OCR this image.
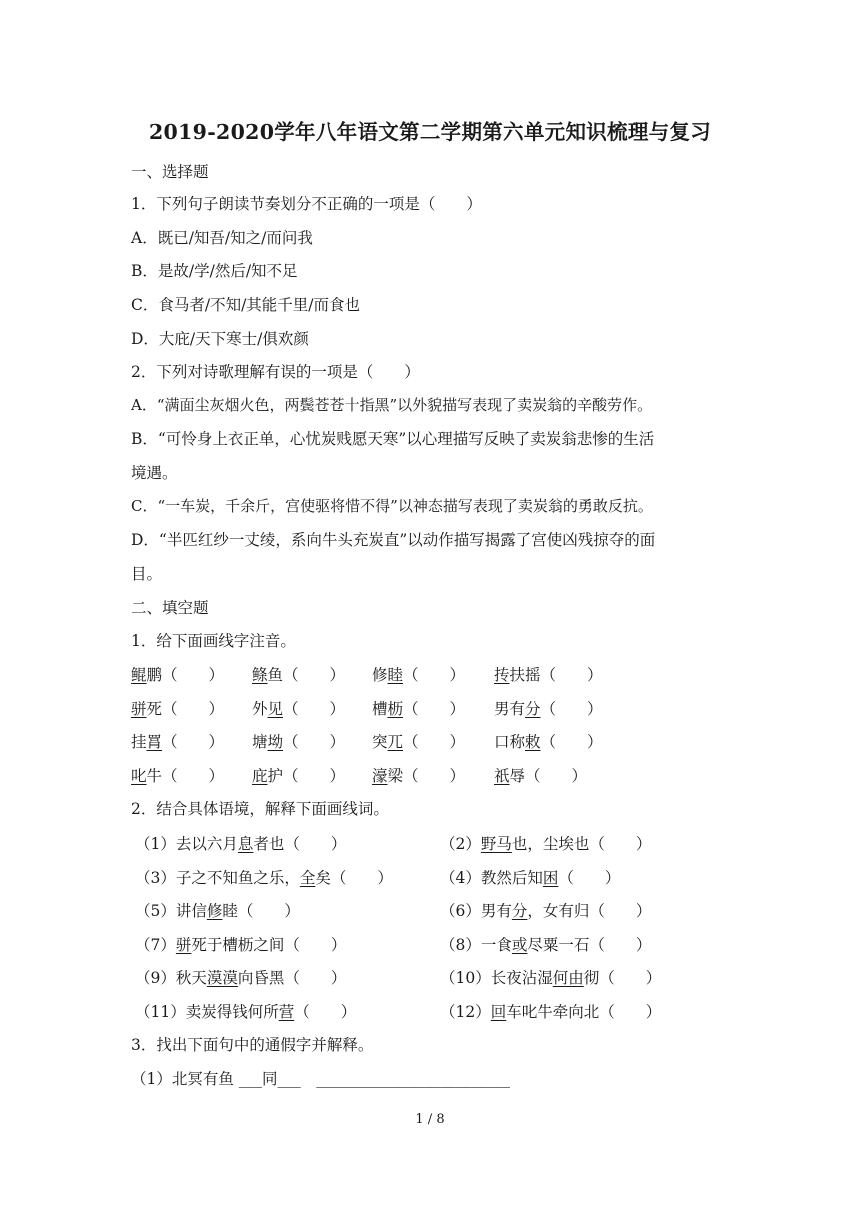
2019-2020学年八年语文第二学期第六单元知识梳理与复习
一、选择题
1．下列句子朗读节奏划分不正确的一项是（　　）
A．既已/知吾/知之/而问我
B．是故/学/然后/知不足
C．食马者/不知/其能千里/而食也
D．大庇/天下寒士/俱欢颜
2．下列对诗歌理解有误的一项是（　　）
A．“满面尘灰烟火色，两鬓苍苍十指黑”以外貌描写表现了卖炭翁的辛酸劳作。
B．“可怜身上衣正单，心忧炭贱愿天寒”以心理描写反映了卖炭翁悲惨的生活
境遇。
C．“一车炭，千余斤，宫使驱将惜不得”以神态描写表现了卖炭翁的勇敢反抗。
D．“半匹红纱一丈绫，系向牛头充炭直”以动作描写揭露了宫使凶残掠夺的面
目。
二、填空题
1．给下面画线字注音。
鲲鹏（　　） 鲦鱼（　　） 修睦（　　） 抟扶摇（　　）
骈死（　　） 外见（　　） 槽枥（　　） 男有分（　　）
挂罥（　　） 塘坳（　　） 突兀（　　） 口称敕（　　）
叱牛（　　） 庇护（　　） 濠梁（　　） 祇辱（　　）
2．结合具体语境，解释下面画线词。
（1）去以六月息者也（　　）	（2）野马也，尘埃也（　　）
（3）子之不知鱼之乐，全矣（　　）	（4）教然后知困（　　）
（5）讲信修睦（　　）	（6）男有分，女有归（　　）
（7）骈死于槽枥之间（　　）	（8）一食或尽粟一石（　　）
（9）秋天漠漠向昏黑（　　）	（10）长夜沾湿何由彻（　　）
（11）卖炭得钱何所营（　　）	（12）回车叱牛牵向北（　　）
3．找出下面句中的通假字并解释。
（1）北冥有鱼 ___同___　_________________________
1 / 8
